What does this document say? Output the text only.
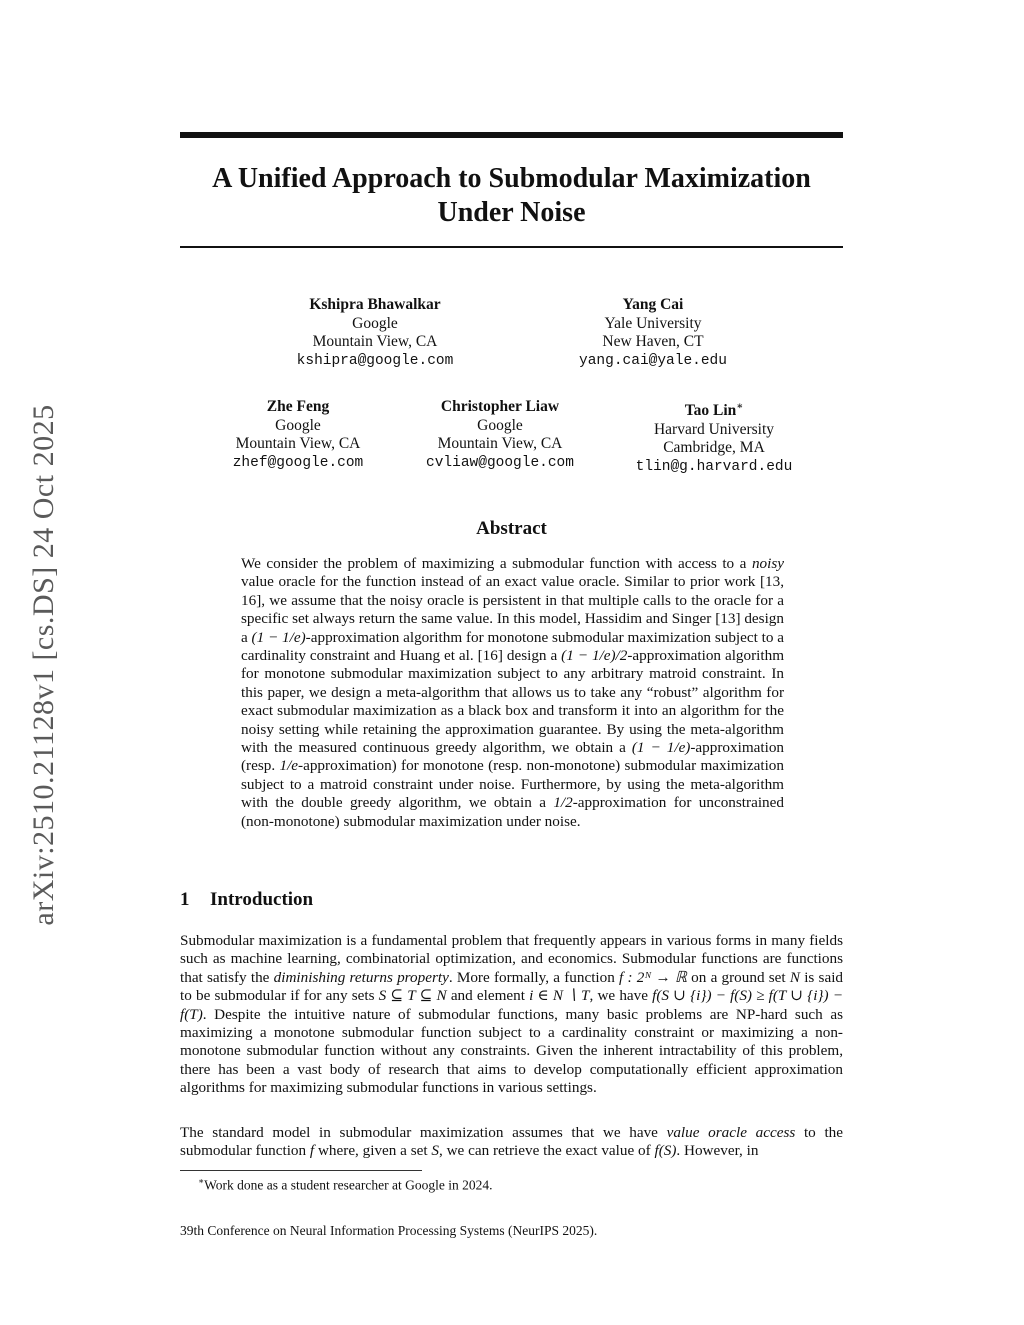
arXiv:2510.21128v1 [cs.DS] 24 Oct 2025
A Unified Approach to Submodular Maximization
Under Noise
Kshipra Bhawalkar
Google
Mountain View, CA
kshipra@google.com
Yang Cai
Yale University
New Haven, CT
yang.cai@yale.edu
Zhe Feng
Google
Mountain View, CA
zhef@google.com
Christopher Liaw
Google
Mountain View, CA
cvliaw@google.com
Tao Lin∗
Harvard University
Cambridge, MA
tlin@g.harvard.edu
Abstract
We consider the problem of maximizing a submodular function with access to a noisy value oracle for the function instead of an exact value oracle. Similar to prior work [13, 16], we assume that the noisy oracle is persistent in that multiple calls to the oracle for a specific set always return the same value. In this model, Hassidim and Singer [13] design a (1 − 1/e)-approximation algorithm for monotone submodular maximization subject to a cardinality constraint and Huang et al. [16] design a (1 − 1/e)/2-approximation algorithm for monotone submodular maximization subject to any arbitrary matroid constraint. In this paper, we design a meta-algorithm that allows us to take any “robust” algorithm for exact submodular maximization as a black box and transform it into an algorithm for the noisy setting while retaining the approximation guarantee. By using the meta-algorithm with the measured continuous greedy algorithm, we obtain a (1 − 1/e)-approximation (resp. 1/e-approximation) for monotone (resp. non-monotone) submodular maximization subject to a matroid constraint under noise. Furthermore, by using the meta-algorithm with the double greedy algorithm, we obtain a 1/2-approximation for unconstrained (non-monotone) submodular maximization under noise.
1 Introduction
Submodular maximization is a fundamental problem that frequently appears in various forms in many fields such as machine learning, combinatorial optimization, and economics. Submodular functions are functions that satisfy the diminishing returns property. More formally, a function f : 2ᴺ → ℝ on a ground set N is said to be submodular if for any sets S ⊆ T ⊆ N and element i ∈ N ∖ T, we have f(S ∪ {i}) − f(S) ≥ f(T ∪ {i}) − f(T). Despite the intuitive nature of submodular functions, many basic problems are NP-hard such as maximizing a monotone submodular function subject to a cardinality constraint or maximizing a non-monotone submodular function without any constraints. Given the inherent intractability of this problem, there has been a vast body of research that aims to develop computationally efficient approximation algorithms for maximizing submodular functions in various settings.
The standard model in submodular maximization assumes that we have value oracle access to the submodular function f where, given a set S, we can retrieve the exact value of f(S). However, in
∗Work done as a student researcher at Google in 2024.
39th Conference on Neural Information Processing Systems (NeurIPS 2025).
